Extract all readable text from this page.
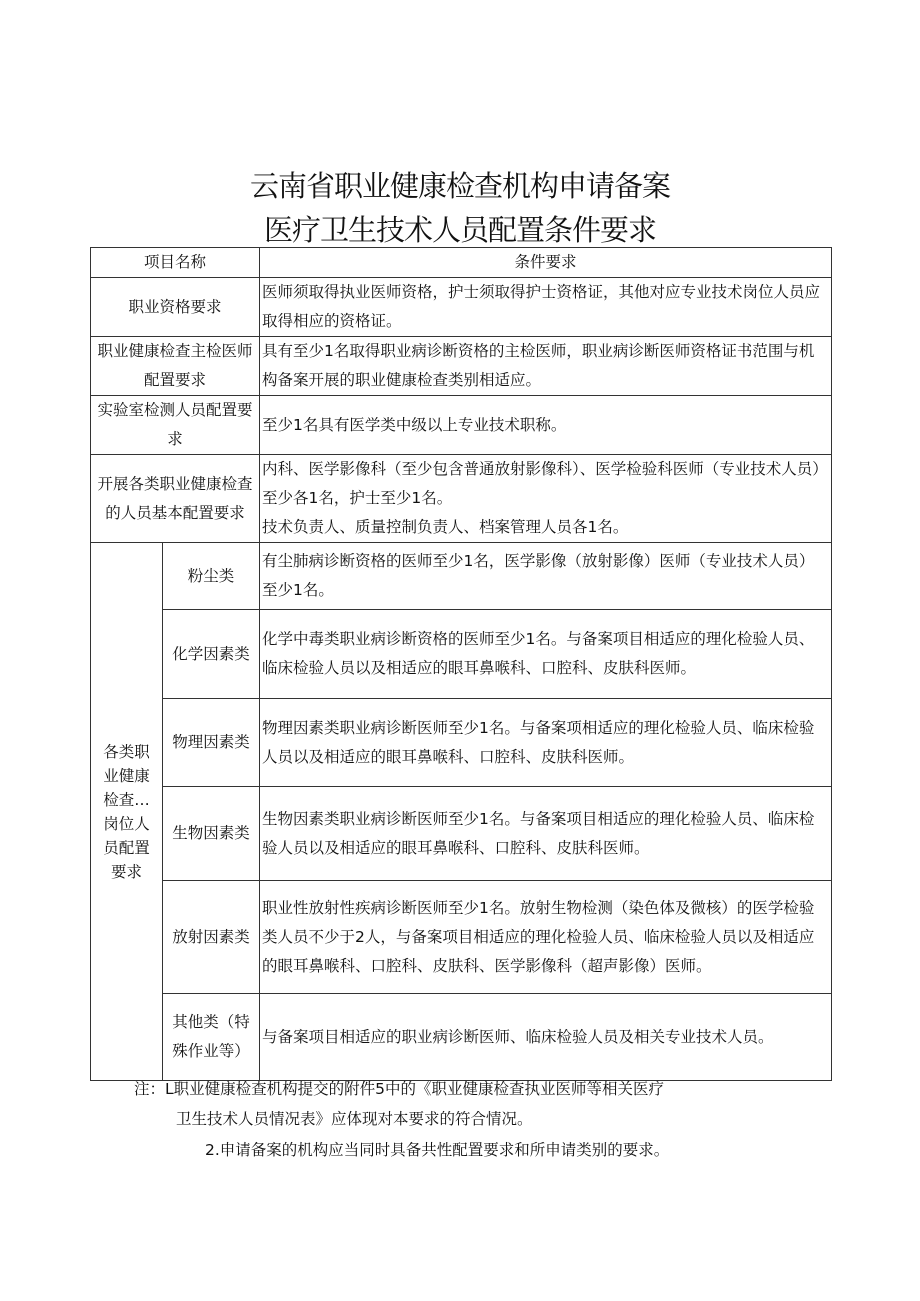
云南省职业健康检查机构申请备案
医疗卫生技术人员配置条件要求
项目名称		条件要求
职业资格要求		医师须取得执业医师资格，护士须取得护士资格证，其他对应专业技术岗位人员应取得相应的资格证。
职业健康检查主检医师配置要求		具有至少1名取得职业病诊断资格的主检医师，职业病诊断医师资格证书范围与机构备案开展的职业健康检查类别相适应。
实验室检测人员配置要求		至少1名具有医学类中级以上专业技术职称。
开展各类职业健康检查的人员基本配置要求		内科、医学影像科（至少包含普通放射影像科）、医学检验科医师（专业技术人员）至少各1名，护士至少1名。
技术负责人、质量控制负责人、档案管理人员各1名。

各类职业健康检查…岗位人员配置要求	粉尘类	有尘肺病诊断资格的医师至少1名，医学影像（放射影像）医师（专业技术人员）至少1名。
	化学因素类	化学中毒类职业病诊断资格的医师至少1名。与备案项目相适应的理化检验人员、临床检验人员以及相适应的眼耳鼻喉科、口腔科、皮肤科医师。
	物理因素类	物理因素类职业病诊断医师至少1名。与备案项相适应的理化检验人员、临床检验人员以及相适应的眼耳鼻喉科、口腔科、皮肤科医师。
	生物因素类	生物因素类职业病诊断医师至少1名。与备案项目相适应的理化检验人员、临床检验人员以及相适应的眼耳鼻喉科、口腔科、皮肤科医师。
	放射因素类	职业性放射性疾病诊断医师至少1名。放射生物检测（染色体及微核）的医学检验类人员不少于2人，与备案项目相适应的理化检验人员、临床检验人员以及相适应的眼耳鼻喉科、口腔科、皮肤科、医学影像科（超声影像）医师。
	其他类（特殊作业等）	与备案项目相适应的职业病诊断医师、临床检验人员及相关专业技术人员。
注：L职业健康检查机构提交的附件5中的《职业健康检查执业医师等相关医疗
卫生技术人员情况表》应体现对本要求的符合情况。
2.申请备案的机构应当同时具备共性配置要求和所申请类别的要求。
